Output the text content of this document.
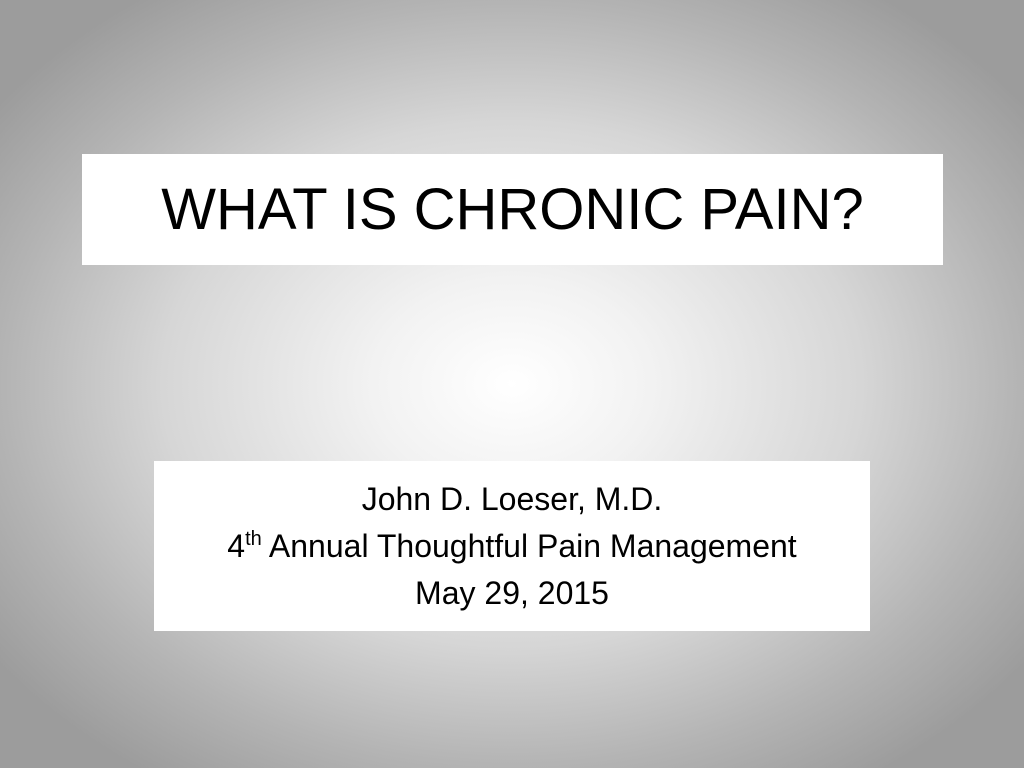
WHAT IS CHRONIC PAIN?
John D. Loeser, M.D.
4th Annual Thoughtful Pain Management
May 29, 2015
